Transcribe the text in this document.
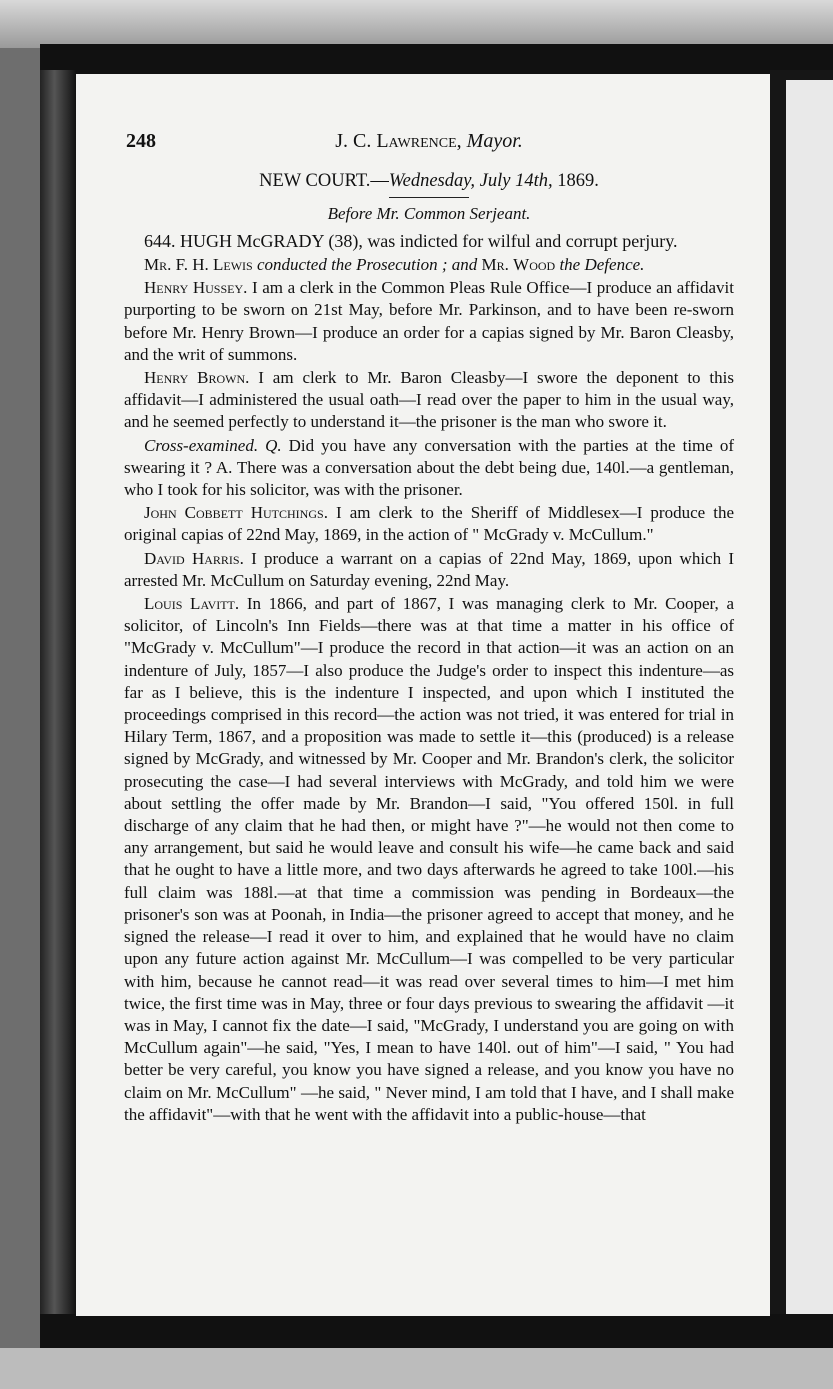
248	J. C. Lawrence, Mayor.
NEW COURT.—Wednesday, July 14th, 1869.
Before Mr. Common Serjeant.

644. HUGH McGRADY (38), was indicted for wilful and corrupt perjury.

Mr. F. H. Lewis conducted the Prosecution ; and Mr. Wood the Defence.

Henry Hussey. I am a clerk in the Common Pleas Rule Office—I produce an affidavit purporting to be sworn on 21st May, before Mr. Parkinson, and to have been re-sworn before Mr. Henry Brown—I produce an order for a capias signed by Mr. Baron Cleasby, and the writ of summons.

Henry Brown. I am clerk to Mr. Baron Cleasby—I swore the deponent to this affidavit—I administered the usual oath—I read over the paper to him in the usual way, and he seemed perfectly to understand it—the prisoner is the man who swore it.

Cross-examined. Q. Did you have any conversation with the parties at the time of swearing it ? A. There was a conversation about the debt being due, 140l.—a gentleman, who I took for his solicitor, was with the prisoner.

John Cobbett Hutchings. I am clerk to the Sheriff of Middlesex—I produce the original capias of 22nd May, 1869, in the action of " McGrady v. McCullum."

David Harris. I produce a warrant on a capias of 22nd May, 1869, upon which I arrested Mr. McCullum on Saturday evening, 22nd May.

Louis Lavitt. In 1866, and part of 1867, I was managing clerk to Mr. Cooper, a solicitor, of Lincoln's Inn Fields—there was at that time a matter in his office of "McGrady v. McCullum"—I produce the record in that action—it was an action on an indenture of July, 1857—I also produce the Judge's order to inspect this indenture—as far as I believe, this is the indenture I inspected, and upon which I instituted the proceedings comprised in this record—the action was not tried, it was entered for trial in Hilary Term, 1867, and a proposition was made to settle it—this (produced) is a release signed by McGrady, and witnessed by Mr. Cooper and Mr. Brandon's clerk, the solicitor prosecuting the case—I had several interviews with McGrady, and told him we were about settling the offer made by Mr. Brandon—I said, "You offered 150l. in full discharge of any claim that he had then, or might have ?"—he would not then come to any arrangement, but said he would leave and consult his wife—he came back and said that he ought to have a little more, and two days afterwards he agreed to take 100l.—his full claim was 188l.—at that time a commission was pending in Bordeaux—the prisoner's son was at Poonah, in India—the prisoner agreed to accept that money, and he signed the release—I read it over to him, and explained that he would have no claim upon any future action against Mr. McCullum—I was compelled to be very particular with him, because he cannot read—it was read over several times to him—I met him twice, the first time was in May, three or four days previous to swearing the affidavit —it was in May, I cannot fix the date—I said, "McGrady, I understand you are going on with McCullum again"—he said, "Yes, I mean to have 140l. out of him"—I said, " You had better be very careful, you know you have signed a release, and you know you have no claim on Mr. McCullum" —he said, " Never mind, I am told that I have, and I shall make the affidavit"—with that he went with the affidavit into a public-house—that
